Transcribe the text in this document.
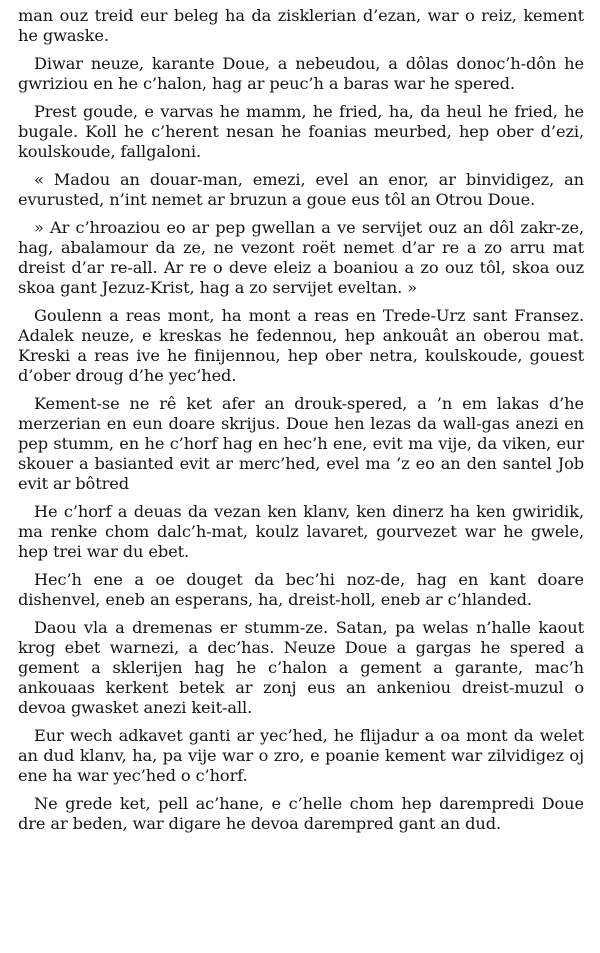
man ouz treid eur beleg ha da zisklerian d’ezan, war o reiz, kement he gwaske.

Diwar neuze, karante Doue, a nebeudou, a dôlas donoc’h-dôn he gwriziou en he c’halon, hag ar peuc’h a baras war he spered.

Prest goude, e varvas he mamm, he fried, ha, da heul he fried, he bugale. Koll he c’herent nesan he foanias meurbed, hep ober d’ezi, koulskoude, fallgaloni.

« Madou an douar-man, emezi, evel an enor, ar binvidigez, an evurusted, n’int nemet ar bruzun a goue eus tôl an Otrou Doue.

» Ar c’hroaziou eo ar pep gwellan a ve servijet ouz an dôl zakr-ze, hag, abalamour da ze, ne vezont roët nemet d’ar re a zo arru mat dreist d’ar re-all. Ar re o deve eleiz a boaniou a zo ouz tôl, skoa ouz skoa gant Jezuz-Krist, hag a zo servijet eveltan. »

Goulenn a reas mont, ha mont a reas en Trede-Urz sant Fransez. Adalek neuze, e kreskas he fedennou, hep ankouât an oberou mat. Kreski a reas ive he finijennou, hep ober netra, koulskoude, gouest d’ober droug d’he yec’hed.

Kement-se ne rê ket afer an drouk-spered, a ’n em lakas d’he merzerian en eun doare skrijus. Doue hen lezas da wall-gas anezi en pep stumm, en he c’horf hag en hec’h ene, evit ma vije, da viken, eur skouer a basianted evit ar merc’hed, evel ma ’z eo an den santel Job evit ar bôtred

He c’horf a deuas da vezan ken klanv, ken dinerz ha ken gwiridik, ma renke chom dalc’h-mat, koulz lavaret, gourvezet war he gwele, hep trei war du ebet.

Hec’h ene a oe douget da bec’hi noz-de, hag en kant doare dishenvel, eneb an esperans, ha, dreist-holl, eneb ar c’hlanded.

Daou vla a dremenas er stumm-ze. Satan, pa welas n’halle kaout krog ebet warnezi, a dec’has. Neuze Doue a gargas he spered a gement a sklerijen hag he c’halon a gement a garante, mac’h ankouaas kerkent betek ar zonj eus an ankeniou dreist-muzul o devoa gwasket anezi keit-all.

Eur wech adkavet ganti ar yec’hed, he flijadur a oa mont da welet an dud klanv, ha, pa vije war o zro, e poanie kement war zilvidigez oj ene ha war yec’hed o c’horf.

Ne grede ket, pell ac’hane, e c’helle chom hep darempredi Doue dre ar beden, war digare he devoa darempred gant an dud.
